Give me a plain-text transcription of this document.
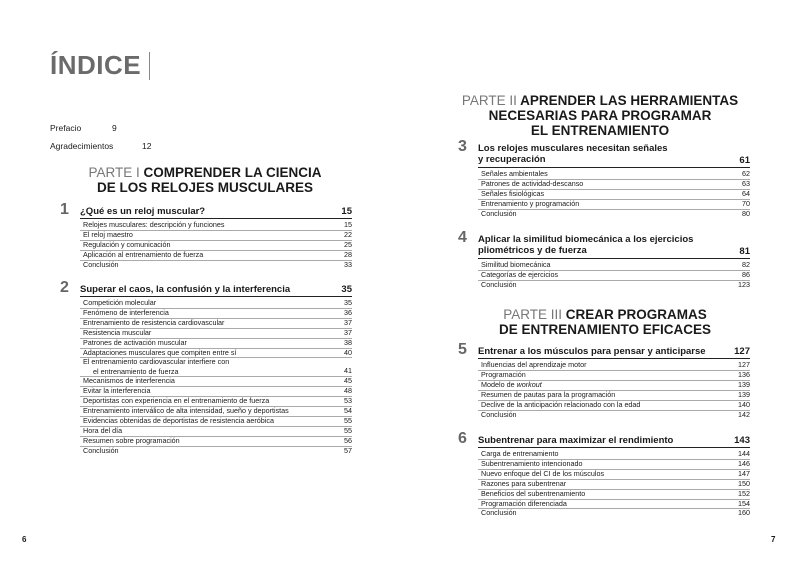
ÍNDICE
Prefacio	9
Agradecimientos	12
PARTE I COMPRENDER LA CIENCIA
DE LOS RELOJES MUSCULARES
PARTE II APRENDER LAS HERRAMIENTAS
NECESARIAS PARA PROGRAMAR
EL ENTRENAMIENTO
PARTE III CREAR PROGRAMAS
DE ENTRENAMIENTO EFICACES
1 ¿Qué es un reloj muscular?	15
Relojes musculares: descripción y funciones	15
El reloj maestro	22
Regulación y comunicación	25
Aplicación al entrenamiento de fuerza	28
Conclusión	33
2 Superar el caos, la confusión y la interferencia	35
Competición molecular	35
Fenómeno de interferencia	36
Entrenamiento de resistencia cardiovascular	37
Resistencia muscular	37
Patrones de activación muscular	38
Adaptaciones musculares que compiten entre sí	40
El entrenamiento cardiovascular interfiere con
el entrenamiento de fuerza	41
Mecanismos de interferencia	45
Evitar la interferencia	48
Deportistas con experiencia en el entrenamiento de fuerza	53
Entrenamiento interválico de alta intensidad, sueño y deportistas	54
Evidencias obtenidas de deportistas de resistencia aeróbica	55
Hora del día	55
Resumen sobre programación	56
Conclusión	57
3 Los relojes musculares necesitan señales
y recuperación	61
Señales ambientales	62
Patrones de actividad-descanso	63
Señales fisiológicas	64
Entrenamiento y programación	70
Conclusión	80
4 Aplicar la similitud biomecánica a los ejercicios
pliométricos y de fuerza	81
Similitud biomecánica	82
Categorías de ejercicios	86
Conclusión	123
5 Entrenar a los músculos para pensar y anticiparse	127
Influencias del aprendizaje motor	127
Programación	136
Modelo de workout	139
Resumen de pautas para la programación	139
Declive de la anticipación relacionado con la edad	140
Conclusión	142
6 Subentrenar para maximizar el rendimiento	143
Carga de entrenamiento	144
Subentrenamiento intencionado	146
Nuevo enfoque del CI de los músculos	147
Razones para subentrenar	150
Beneficios del subentrenamiento	152
Programación diferenciada	154
Conclusión	160
6	7
